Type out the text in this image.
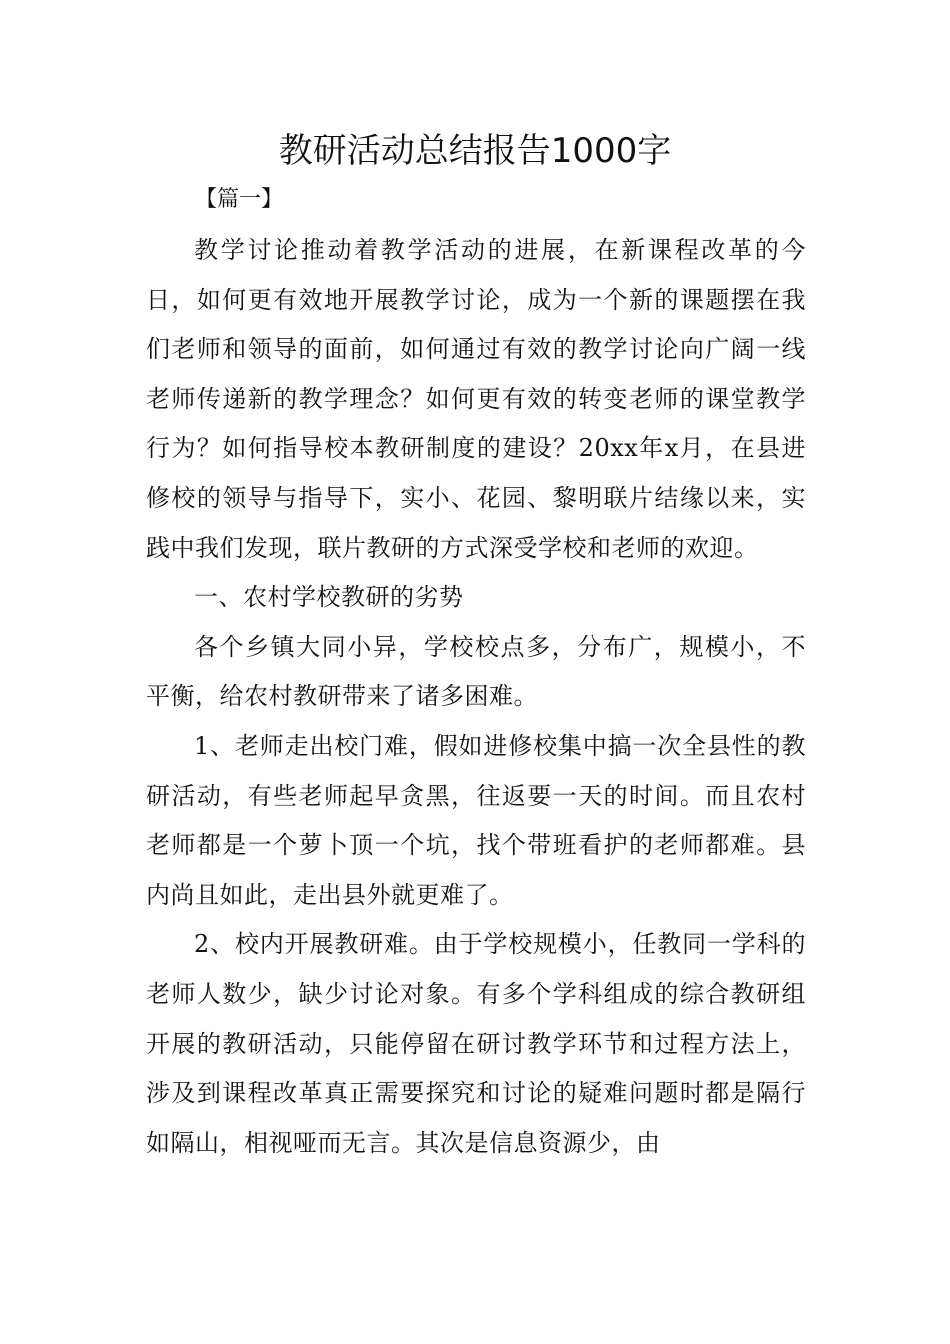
教研活动总结报告1000字
【篇一】

教学讨论推动着教学活动的进展，在新课程改革的今日，如何更有效地开展教学讨论，成为一个新的课题摆在我们老师和领导的面前，如何通过有效的教学讨论向广阔一线老师传递新的教学理念？如何更有效的转变老师的课堂教学行为？如何指导校本教研制度的建设？20xx年x月，在县进修校的领导与指导下，实小、花园、黎明联片结缘以来，实践中我们发现，联片教研的方式深受学校和老师的欢迎。

一、农村学校教研的劣势

各个乡镇大同小异，学校校点多，分布广，规模小，不平衡，给农村教研带来了诸多困难。

1、老师走出校门难，假如进修校集中搞一次全县性的教研活动，有些老师起早贪黑，往返要一天的时间。而且农村老师都是一个萝卜顶一个坑，找个带班看护的老师都难。县内尚且如此，走出县外就更难了。

2、校内开展教研难。由于学校规模小，任教同一学科的老师人数少，缺少讨论对象。有多个学科组成的综合教研组开展的教研活动，只能停留在研讨教学环节和过程方法上，涉及到课程改革真正需要探究和讨论的疑难问题时都是隔行如隔山，相视哑而无言。其次是信息资源少，由
